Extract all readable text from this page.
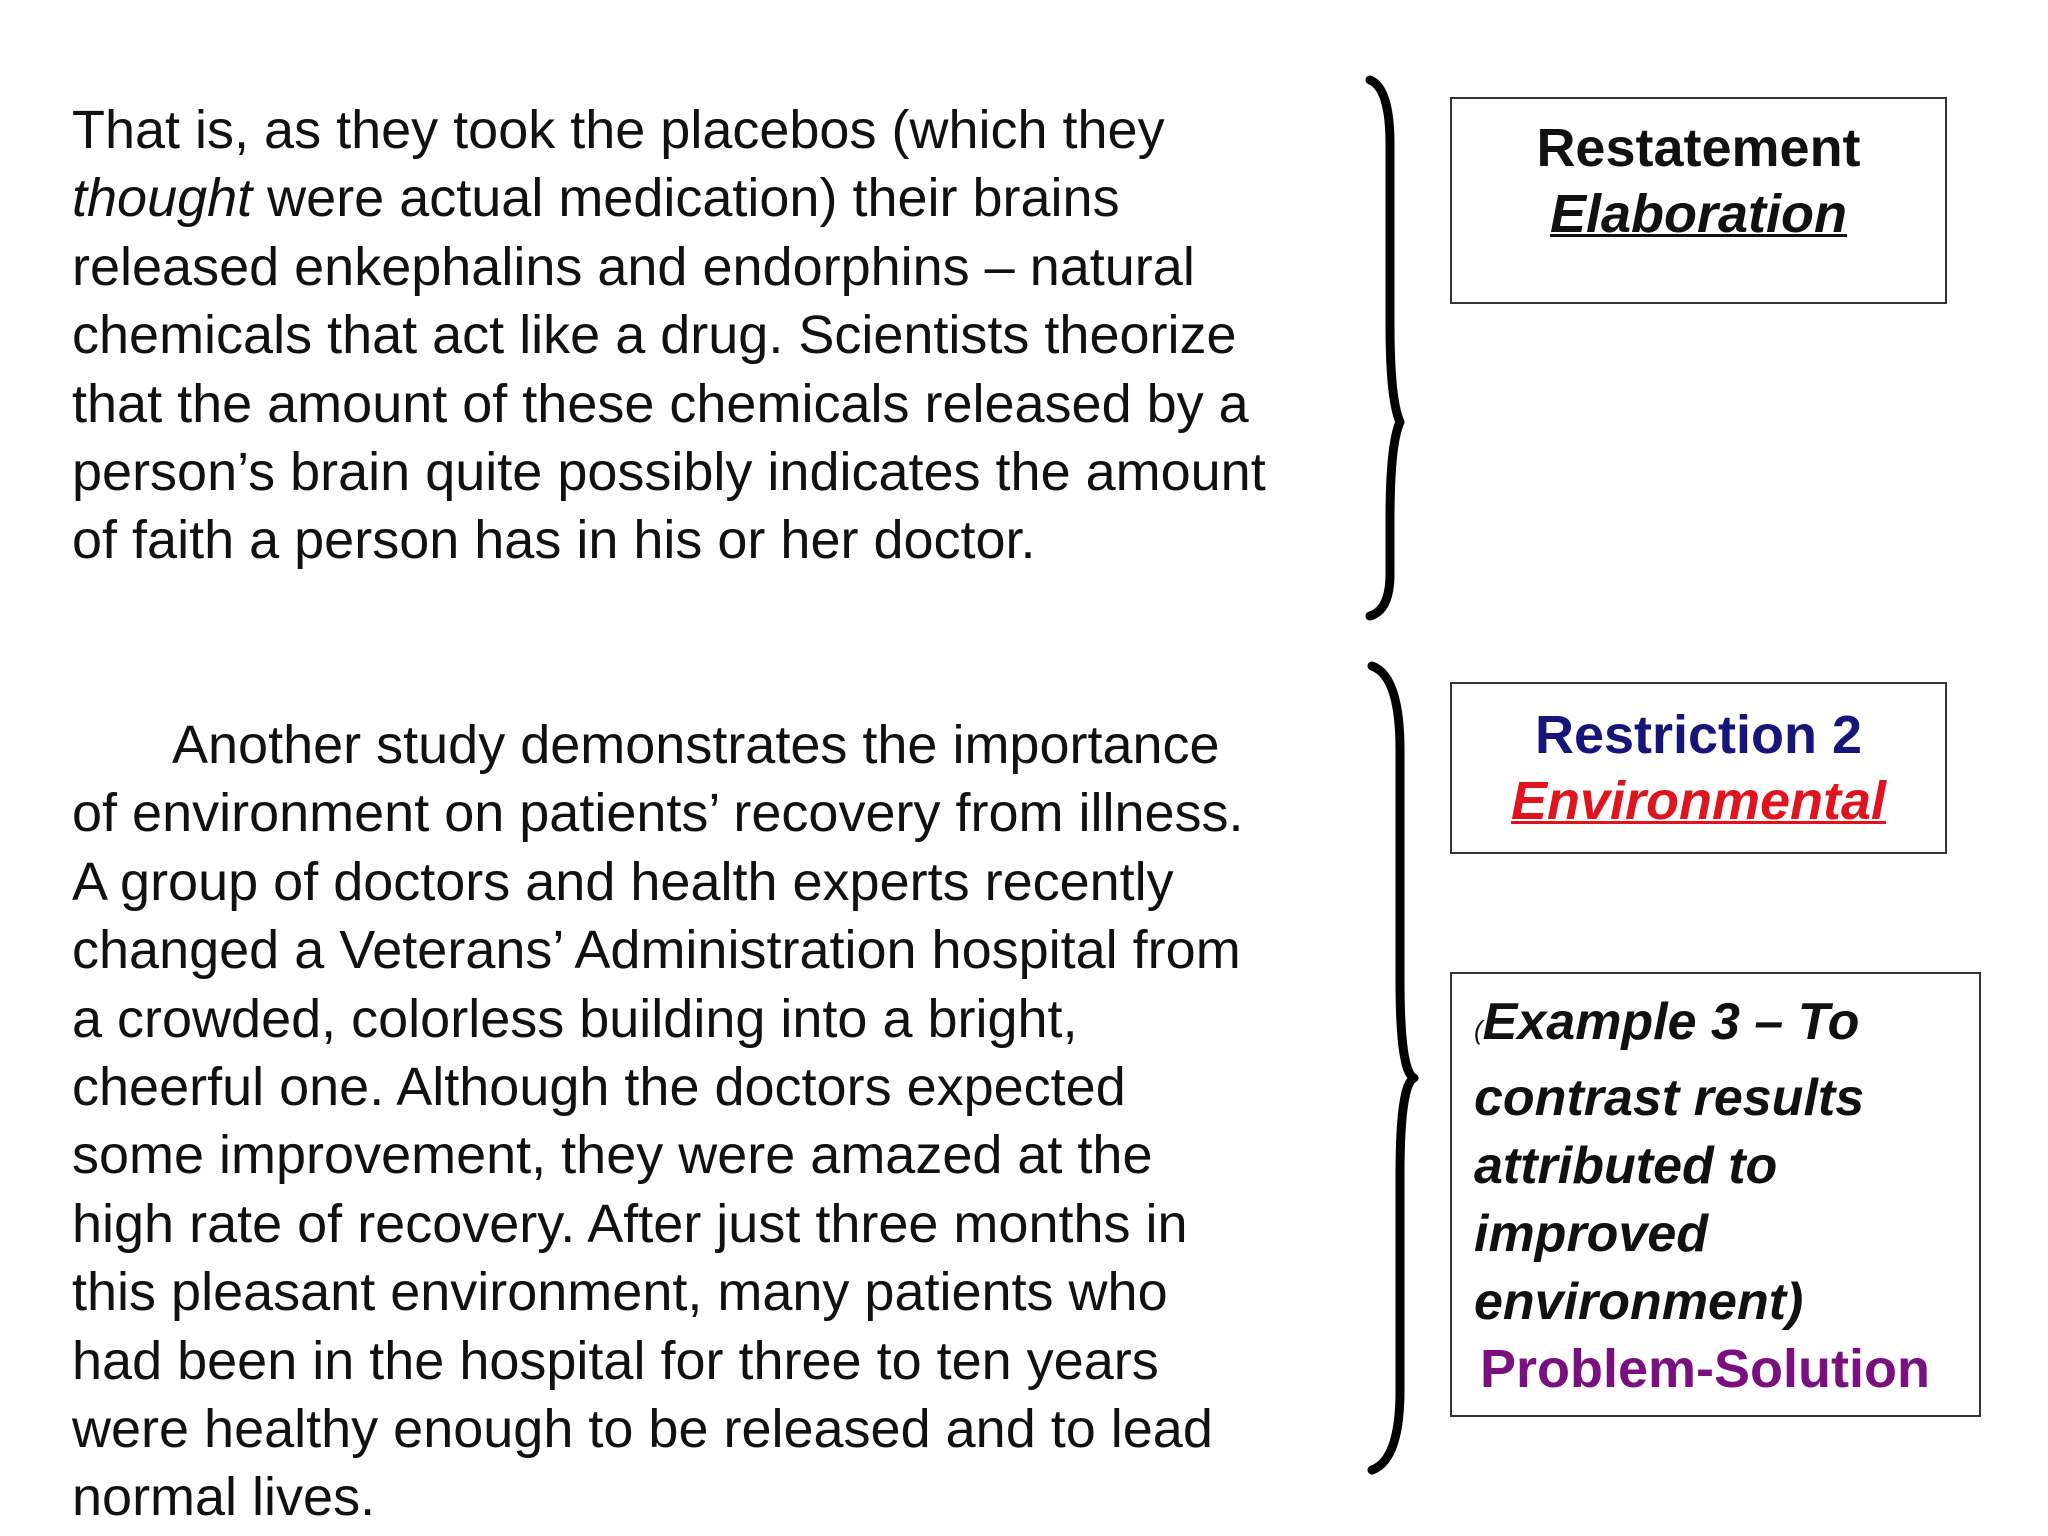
That is, as they took the placebos (which they
thought were actual medication) their brains
released enkephalins and endorphins – natural
chemicals that act like a drug. Scientists theorize
that the amount of these chemicals released by a
person’s brain quite possibly indicates the amount
of faith a person has in his or her doctor.
Another study demonstrates the importance
of environment on patients’ recovery from illness.
A group of doctors and health experts recently
changed a Veterans’ Administration hospital from
a crowded, colorless building into a bright,
cheerful one. Although the doctors expected
some improvement, they were amazed at the
high rate of recovery. After just three months in
this pleasant environment, many patients who
had been in the hospital for three to ten years
were healthy enough to be released and to lead
normal lives.
Restatement
Elaboration
Restriction 2
Environmental
(Example 3 – To
contrast results
attributed to
improved
environment)
Problem-Solution
